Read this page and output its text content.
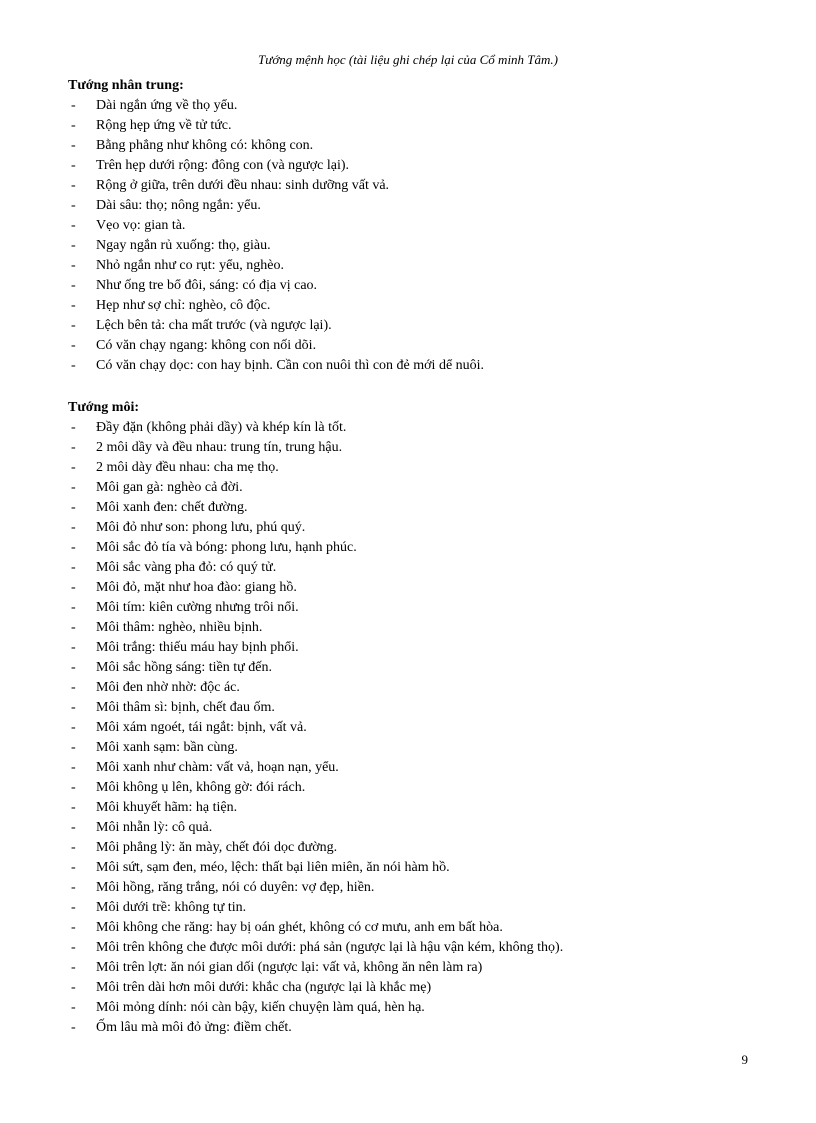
Tướng mệnh học (tài liệu ghi chép lại của Cổ minh Tâm.)
Tướng nhân trung:
- Dài ngắn ứng về thọ yểu.
- Rộng hẹp ứng về tử tức.
- Bằng phẳng như không có: không con.
- Trên hẹp dưới rộng: đông con (và ngược lại).
- Rộng ở giữa, trên dưới đều nhau: sinh dưỡng vất vả.
- Dài sâu: thọ; nông ngắn: yểu.
- Vẹo vọ: gian tà.
- Ngay ngắn rủ xuống: thọ, giàu.
- Nhỏ ngắn như co rụt: yểu, nghèo.
- Như ống tre bổ đôi, sáng: có địa vị cao.
- Hẹp như sợ chỉ: nghèo, cô độc.
- Lệch bên tả: cha mất trước (và ngược lại).
- Có văn chạy ngang: không con nối dõi.
- Có văn chạy dọc: con hay bịnh. Cần con nuôi thì con đẻ mới dể nuôi.
Tướng môi:
- Đầy đặn (không phải dầy) và khép kín là tốt.
- 2 môi dầy và đều nhau: trung tín, trung hậu.
- 2 môi dày đều nhau: cha mẹ thọ.
- Môi gan gà: nghèo cả đời.
- Môi xanh đen: chết đường.
- Môi đỏ như son: phong lưu, phú quý.
- Môi sắc đỏ tía và bóng: phong lưu, hạnh phúc.
- Môi sắc vàng pha đỏ: có quý tử.
- Môi đỏ, mặt như hoa đào: giang hồ.
- Môi tím: kiên cường nhưng trôi nổi.
- Môi thâm: nghèo, nhiều bịnh.
- Môi trắng: thiếu máu hay bịnh phổi.
- Môi sắc hồng sáng: tiền tự đến.
- Môi đen nhờ nhờ: độc ác.
- Môi thâm sì: bịnh, chết đau ốm.
- Môi xám ngoét, tái ngắt: bịnh, vất vả.
- Môi xanh sạm: bần cùng.
- Môi xanh như chàm: vất vả, hoạn nạn, yểu.
- Môi không ụ lên, không gờ: đói rách.
- Môi khuyết hãm: hạ tiện.
- Môi nhẵn lỳ: cô quả.
- Môi phẳng lỳ: ăn mày, chết đói dọc đường.
- Môi sứt, sạm đen, méo, lệch: thất bại liên miên, ăn nói hàm hồ.
- Môi hồng, răng trắng, nói có duyên: vợ đẹp, hiền.
- Môi dưới trề: không tự tin.
- Môi không che răng: hay bị oán ghét, không có cơ mưu, anh em bất hòa.
- Môi trên không che được môi dưới: phá sản (ngược lại là hậu vận kém, không thọ).
- Môi trên lợt: ăn nói gian dối (ngược lại: vất vả, không ăn nên làm ra)
- Môi trên dài hơn môi dưới: khắc cha (ngược lại là khắc mẹ)
- Môi mỏng dính: nói càn bậy, kiến chuyện làm quá, hèn hạ.
- Ốm lâu mà môi đỏ ửng: điềm chết.
9
